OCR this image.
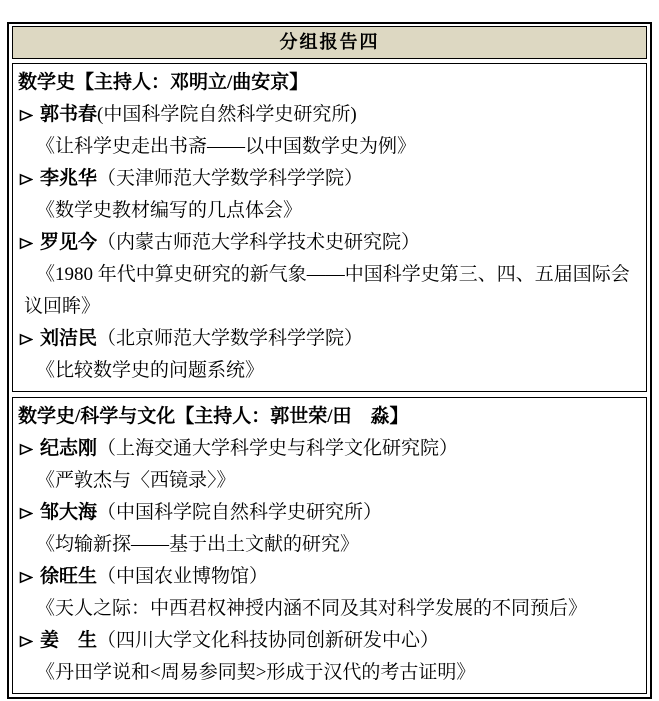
分组报告四
数学史【主持人：邓明立/曲安京】
郭书春(中国科学院自然科学史研究所)
《让科学史走出书斋——以中国数学史为例》
李兆华（天津师范大学数学科学学院）
《数学史教材编写的几点体会》
罗见今（内蒙古师范大学科学技术史研究院）
《1980 年代中算史研究的新气象——中国科学史第三、四、五届国际会议回眸》
刘洁民（北京师范大学数学科学学院）
《比较数学史的问题系统》
数学史/科学与文化【主持人：郭世荣/田　淼】
纪志刚（上海交通大学科学史与科学文化研究院）
《严敦杰与〈西镜录〉》
邹大海（中国科学院自然科学史研究所）
《均输新探——基于出土文献的研究》
徐旺生（中国农业博物馆）
《天人之际：中西君权神授内涵不同及其对科学发展的不同预后》
姜　生（四川大学文化科技协同创新研发中心）
《丹田学说和<周易参同契>形成于汉代的考古证明》
